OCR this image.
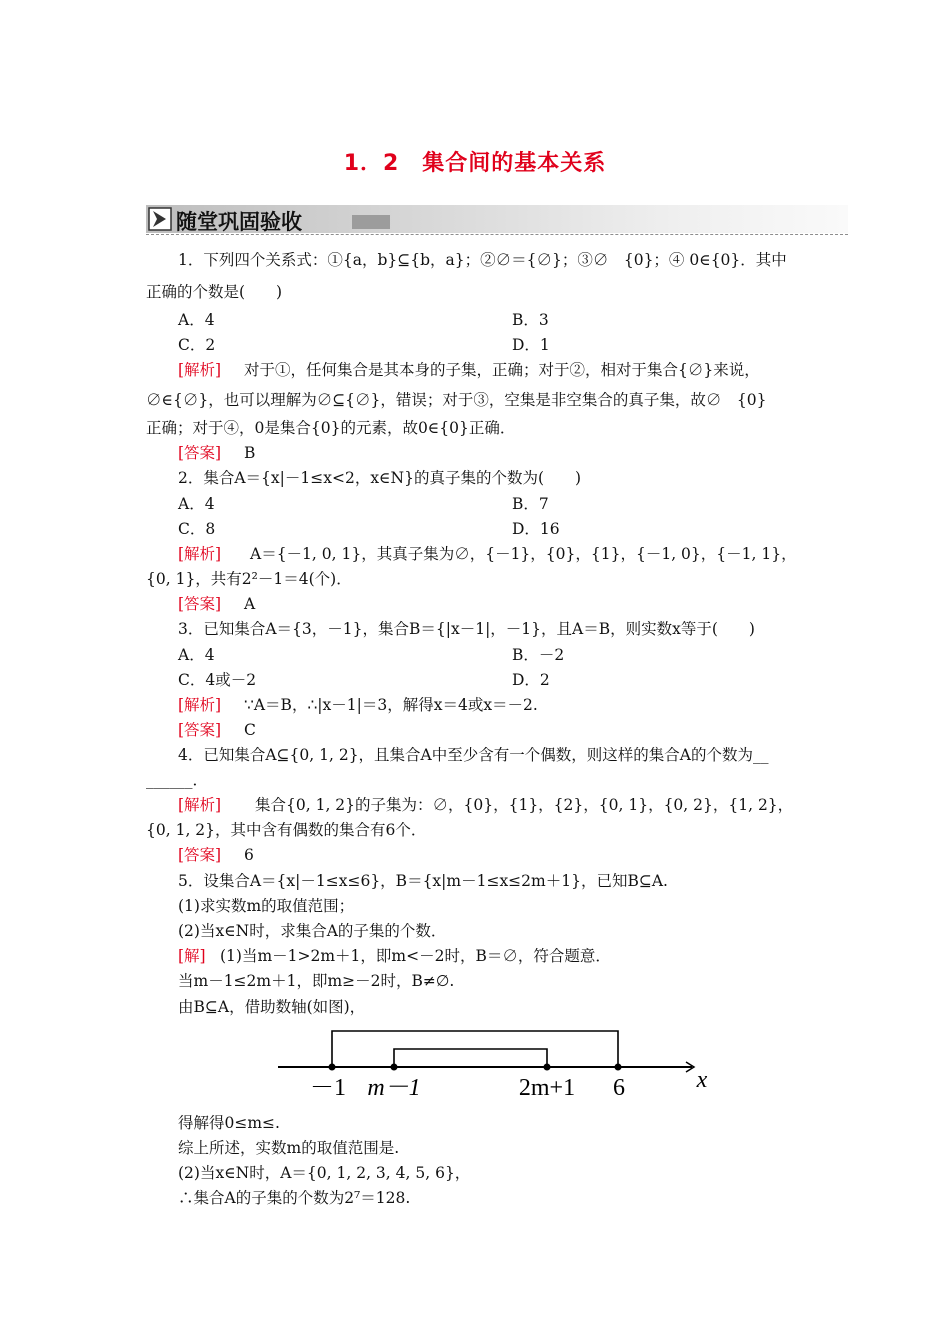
1．2　集合间的基本关系
随堂巩固验收
1．下列四个关系式：①{a，b}⊆{b，a}；②∅＝{∅}；③∅　{0}；④ 0∈{0}．其中
正确的个数是(　　)
A．4	B．3
C．2	D．1
[解析] 对于①，任何集合是其本身的子集，正确；对于②，相对于集合{∅}来说，
∅∈{∅}，也可以理解为∅⊆{∅}，错误；对于③，空集是非空集合的真子集，故∅　{0}
正确；对于④，0是集合{0}的元素，故0∈{0}正确．
[答案] B
2．集合A＝{x|－1≤x<2，x∈N}的真子集的个数为(　　)
A．4	B．7
C．8	D．16
[解析] A＝{－1, 0, 1}，其真子集为∅，{－1}，{0}，{1}，{－1, 0}，{－1, 1}，
{0, 1}，共有2²－1＝4(个)．
[答案] A
3．已知集合A＝{3，－1}，集合B＝{|x－1|，－1}，且A＝B，则实数x等于(　　)
A．4	B．－2
C．4或－2	D．2
[解析] ∵A＝B，∴|x－1|＝3，解得x＝4或x＝－2.
[答案] C
4．已知集合A⊆{0, 1, 2}，且集合A中至少含有一个偶数，则这样的集合A的个数为__
______．
[解析] 集合{0, 1, 2}的子集为：∅，{0}，{1}，{2}，{0, 1}，{0, 2}，{1, 2}，
{0, 1, 2}，其中含有偶数的集合有6个．
[答案] 6
5．设集合A＝{x|－1≤x≤6}，B＝{x|m－1≤x≤2m＋1}，已知B⊆A.
(1)求实数m的取值范围；
(2)当x∈N时，求集合A的子集的个数．
[解] (1)当m－1>2m＋1，即m<－2时，B＝∅，符合题意．
当m－1≤2m＋1，即m≥－2时，B≠∅.
由B⊆A，借助数轴(如图)，
－1 m－1	2m+1 6	x
得解得0≤m≤.
综上所述，实数m的取值范围是.
(2)当x∈N时，A＝{0, 1, 2, 3, 4, 5, 6}，
∴集合A的子集的个数为2⁷＝128.
